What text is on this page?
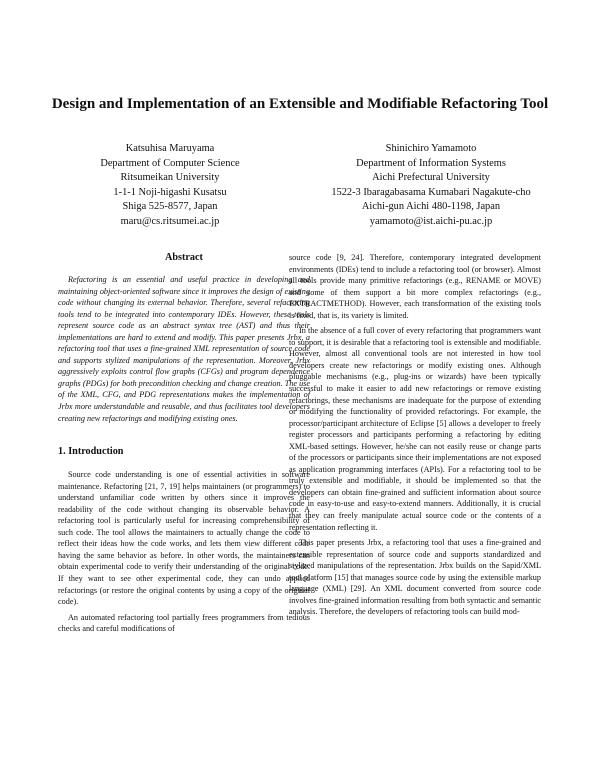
Design and Implementation of an Extensible and Modifiable Refactoring Tool
Katsuhisa Maruyama
Department of Computer Science
Ritsumeikan University
1-1-1 Noji-higashi Kusatsu
Shiga 525-8577, Japan
maru@cs.ritsumei.ac.jp
Shinichiro Yamamoto
Department of Information Systems
Aichi Prefectural University
1522-3 Ibaragabasama Kumabari Nagakute-cho
Aichi-gun Aichi 480-1198, Japan
yamamoto@ist.aichi-pu.ac.jp
Abstract

Refactoring is an essential and useful practice in developing and maintaining object-oriented software since it improves the design of existing code without changing its external behavior. Therefore, several refactoring tools tend to be integrated into contemporary IDEs. However, these tools represent source code as an abstract syntax tree (AST) and thus their implementations are hard to extend and modify. This paper presents Jrbx, a refactoring tool that uses a fine-grained XML representation of source code and supports stylized manipulations of the representation. Moreover, Jrbx aggressively exploits control flow graphs (CFGs) and program dependence graphs (PDGs) for both precondition checking and change creation. The use of the XML, CFG, and PDG representations makes the implementation of Jrbx more understandable and reusable, and thus facilitates tool developers creating new refactorings and modifying existing ones.

1. Introduction

Source code understanding is one of essential activities in software maintenance. Refactoring [21, 7, 19] helps maintainers (or programmers) to understand unfamiliar code written by others since it improves the readability of the code without changing its observable behavior. A refactoring tool is particularly useful for increasing comprehensibility of such code. The tool allows the maintainers to actually change the code to reflect their ideas how the code works, and lets them view different code having the same behavior as before. In other words, the maintainers can obtain experimental code to verify their understanding of the original code. If they want to see other experimental code, they can undo applied refactorings (or restore the original contents by using a copy of the original code).

An automated refactoring tool partially frees programmers from tedious checks and careful modifications of

source code [9, 24]. Therefore, contemporary integrated development environments (IDEs) tend to include a refactoring tool (or browser). Almost all tools provide many primitive refactorings (e.g., RENAME or MOVE) and some of them support a bit more complex refactorings (e.g., EXTRACTMETHOD). However, each transformation of the existing tools is fixed, that is, its variety is limited.

In the absence of a full cover of every refactoring that programmers want to support, it is desirable that a refactoring tool is extensible and modifiable. However, almost all conventional tools are not interested in how tool developers create new refactorings or modify existing ones. Although pluggable mechanisms (e.g., plug-ins or wizards) have been typically successful to make it easier to add new refactorings or remove existing refactorings, these mechanisms are inadequate for the purpose of extending or modifying the functionality of provided refactorings. For example, the processor/participant architecture of Eclipse [5] allows a developer to freely register processors and participants performing a refactoring by editing XML-based settings. However, he/she can not easily reuse or change parts of the processors or participants since their implementations are not exposed as application programming interfaces (APIs). For a refactoring tool to be truly extensible and modifiable, it should be implemented so that the developers can obtain fine-grained and sufficient information about source code in easy-to-use and easy-to-extend manners. Additionally, it is crucial that they can freely manipulate actual source code or the contents of a representation reflecting it.

This paper presents Jrbx, a refactoring tool that uses a fine-grained and extensible representation of source code and supports standardized and stylized manipulations of the representation. Jrbx builds on the Sapid/XML tool platform [15] that manages source code by using the extensible markup language (XML) [29]. An XML document converted from source code involves fine-grained information resulting from both syntactic and semantic analysis. Therefore, the developers of refactoring tools can build mod-
